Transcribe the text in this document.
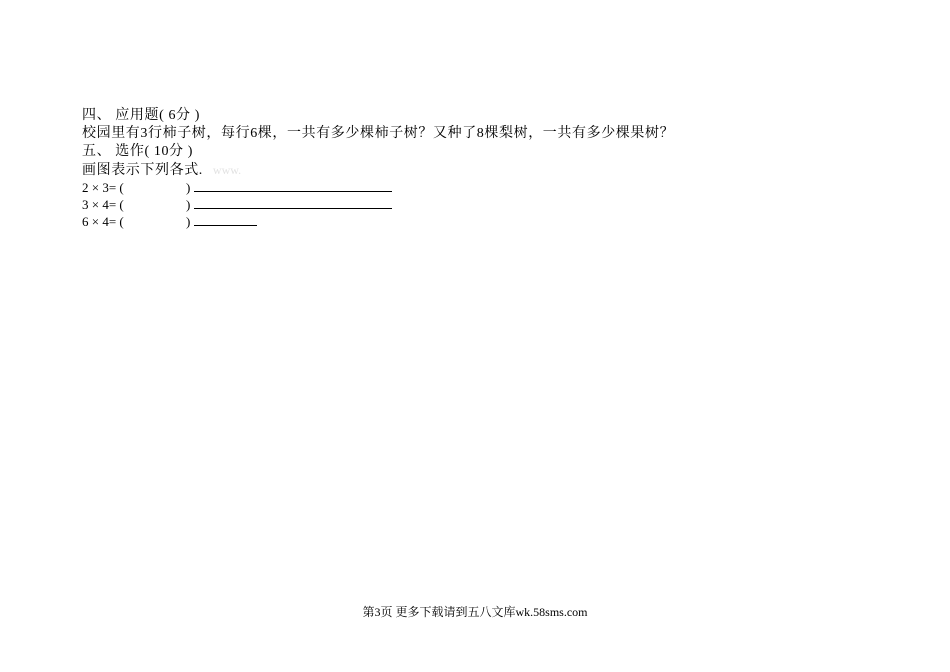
四、 应用题( 6分 )
校园里有3行柿子树，每行6棵，一共有多少棵柿子树？又种了8棵梨树，一共有多少棵果树？
五、 选作( 10分 )
画图表示下列各式. www.
2 × 3= (	)
3 × 4= (	)
6 × 4= (	)
第3页 更多下载请到五八文库wk.58sms.com
